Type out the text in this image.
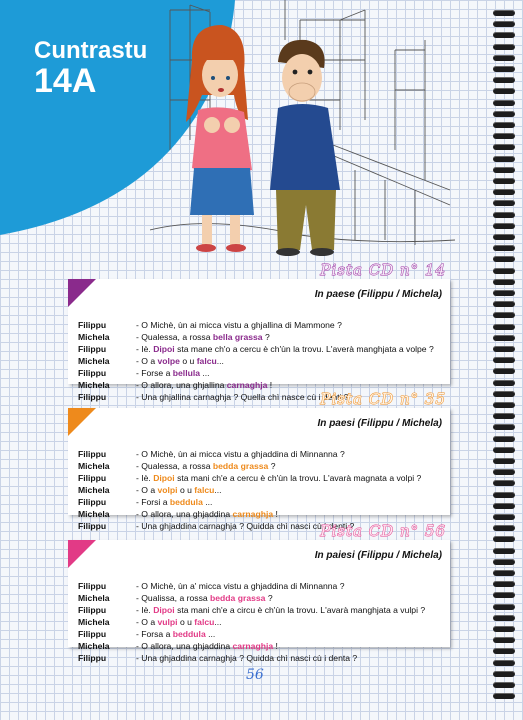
Cuntrastu
14A
Pista CD n° 14
In paese (Filippu / Michela)
Filippu	- O Michè, ùn ai micca vistu a ghjallina di Mammone ?
Michela	- Qualessa, a rossa bella grassa ?
Filippu	- Iè. Dipoi sta mane ch'o a cercu è ch'ùn la trovu. L'averà manghjata a volpe ?
Michela	- O a volpe o u falcu...
Filippu	- Forse a bellula ...
Michela	- O allora, una ghjallina carnaghja !
Filippu	- Una ghjallina carnaghja ? Quella chì nasce cù i denti ?
Pista CD n° 35
In paesi (Filippu / Michela)
Filippu	- O Michè, ùn ai micca vistu a ghjaddina di Minnanna ?
Michela	- Qualessa, a rossa bedda grassa ?
Filippu	- Iè. Dipoi sta mani ch'e a cercu è ch'ùn la trovu. L'avarà magnata a volpi ?
Michela	- O a volpi o u falcu...
Filippu	- Forsi a beddula ...
Michela	- O allora, una ghjaddina carnaghja !
Filippu	- Una ghjaddina carnaghja ? Quidda chì nasci cù i denti ?
Pista CD n° 56
In paiesi (Filippu / Michela)
Filippu	- O Michè, ùn a' micca vistu a ghjaddina di Minnanna ?
Michela	- Qualissa, a rossa bedda grassa ?
Filippu	- Iè. Dipoi sta mani ch'e a circu è ch'ùn la trovu. L'avarà manghjata a vulpi ?
Michela	- O a vulpi o u falcu...
Filippu	- Forsa a beddula ...
Michela	- O allora, una ghjaddina carnaghja !
Filippu	- Una ghjaddina carnaghja ? Quidda chì nasci cù i denta ?
56
